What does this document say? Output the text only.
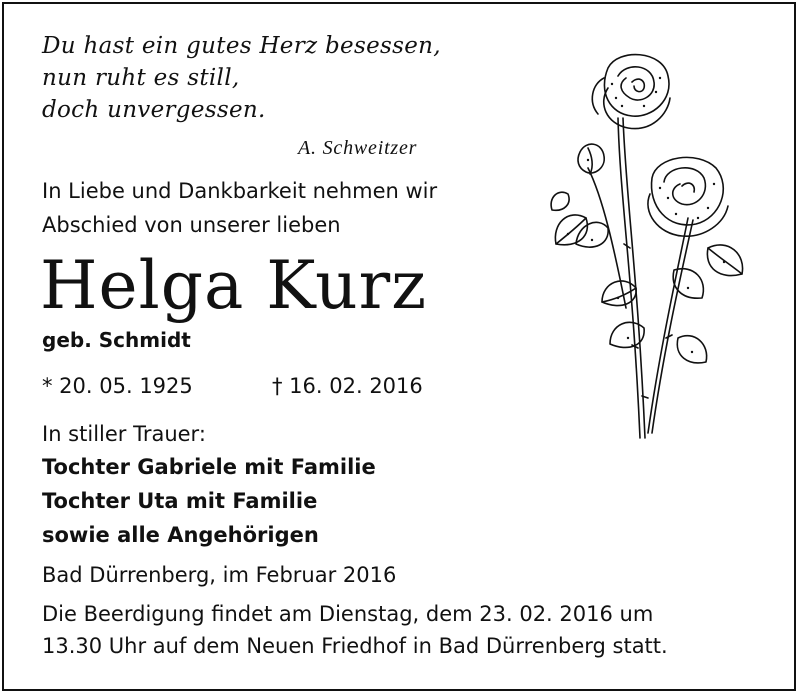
Du hast ein gutes Herz besessen,
nun ruht es still,
doch unvergessen.
A. Schweitzer
In Liebe und Dankbarkeit nehmen wir
Abschied von unserer lieben
Helga Kurz
geb. Schmidt
* 20. 05. 1925	† 16. 02. 2016
In stiller Trauer:
Tochter Gabriele mit Familie
Tochter Uta mit Familie
sowie alle Angehörigen
Bad Dürrenberg, im Februar 2016
Die Beerdigung findet am Dienstag, dem 23. 02. 2016 um
13.30 Uhr auf dem Neuen Friedhof in Bad Dürrenberg statt.
